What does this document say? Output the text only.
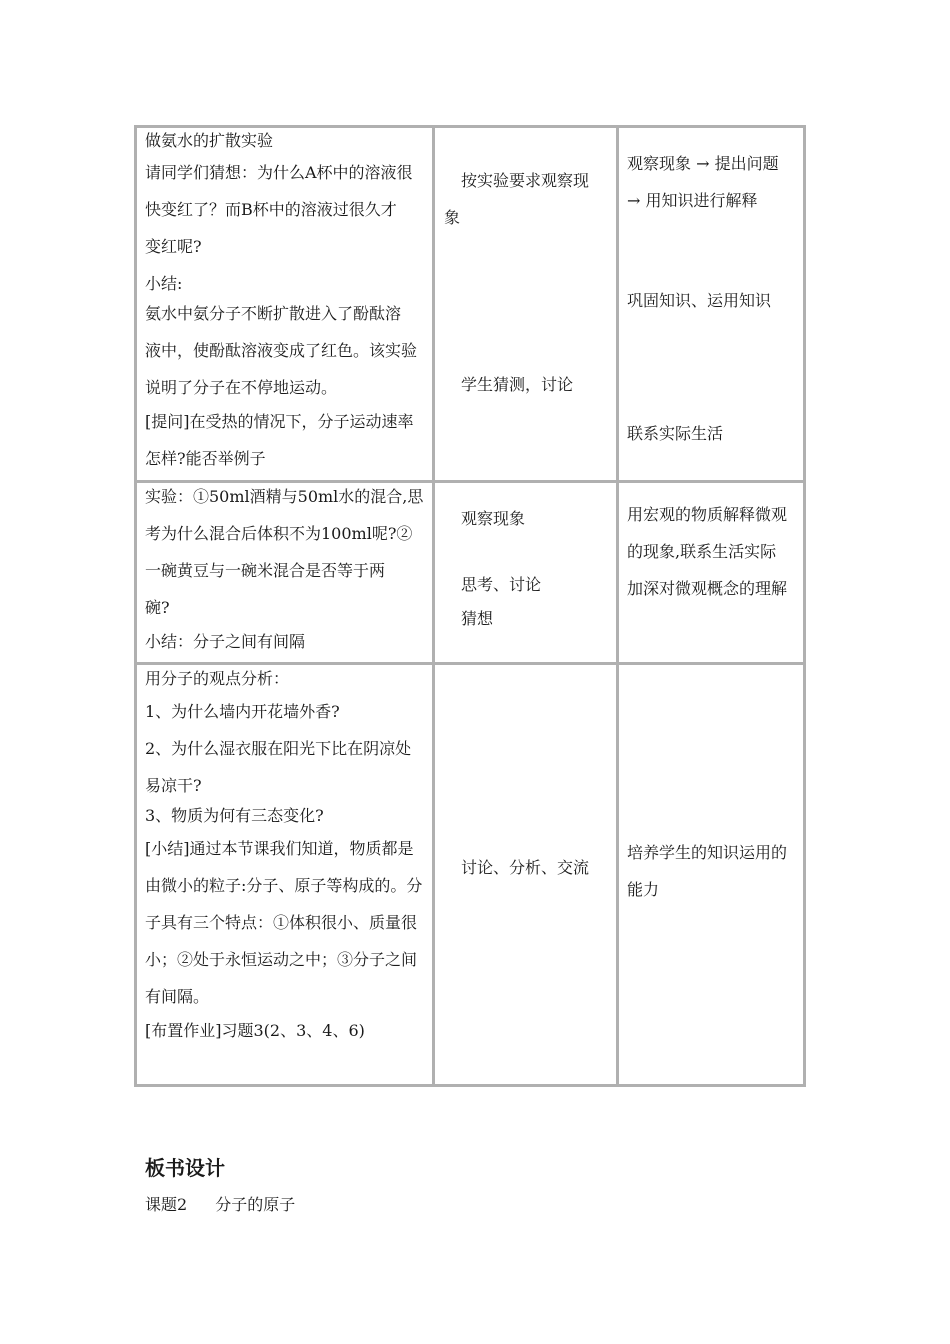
做氨水的扩散实验
请同学们猜想：为什么A杯中的溶液很
快变红了？而B杯中的溶液过很久才
变红呢?
小结:
氨水中氨分子不断扩散进入了酚酞溶
液中，使酚酞溶液变成了红色。该实验
说明了分子在不停地运动。
[提问]在受热的情况下，分子运动速率
怎样?能否举例子
按实验要求观察现
象
学生猜测，讨论
观察现象 → 提出问题
→ 用知识进行解释
巩固知识、运用知识
联系实际生活
实验：①50ml酒精与50ml水的混合,思
考为什么混合后体积不为100ml呢?②
一碗黄豆与一碗米混合是否等于两
碗?
小结：分子之间有间隔
观察现象
思考、讨论
猜想
用宏观的物质解释微观
的现象,联系生活实际
加深对微观概念的理解
用分子的观点分析：
1、为什么墙内开花墙外香?
2、为什么湿衣服在阳光下比在阴凉处
易凉干?
3、物质为何有三态变化?
[小结]通过本节课我们知道，物质都是
由微小的粒子:分子、原子等构成的。分
子具有三个特点：①体积很小、质量很
小；②处于永恒运动之中；③分子之间
有间隔。
[布置作业]习题3(2、3、4、6)
讨论、分析、交流
培养学生的知识运用的
能力
板书设计
课题2 分子的原子
